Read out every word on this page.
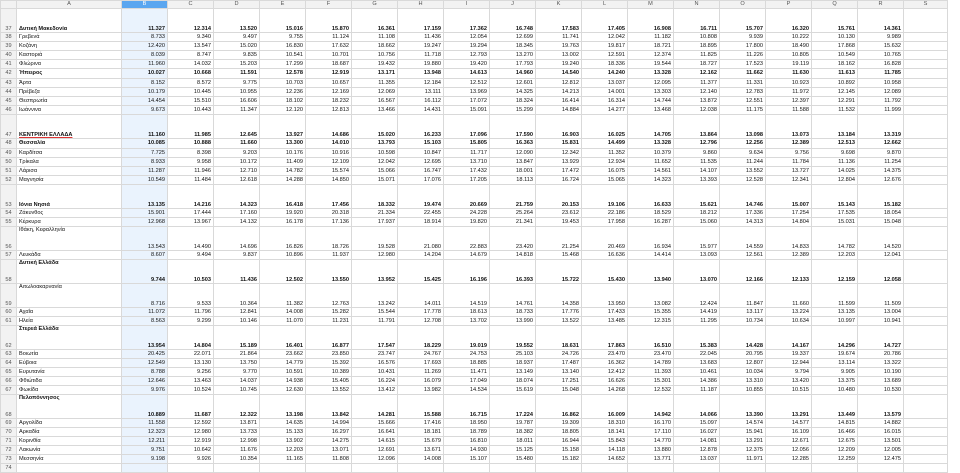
	A	B	C	D	E	F	G	H	I	J	K	L	M	N	O	P	Q	R	S
37	Δυτική Μακεδονία	11.327	12.314	13.520	15.016	15.870	16.361	17.159	17.362	16.748	17.583	17.405	16.908	16.711	15.707	16.320	15.761	14.361	
38	Γρεβενά	8.733	9.340	9.497	9.755	11.124	11.108	11.436	12.054	12.699	11.741	12.042	11.182	10.808	9.939	10.222	10.130	9.989	
39	Κοζάνη	12.420	13.547	15.020	16.830	17.632	18.662	19.247	19.294	18.345	19.763	19.817	18.721	18.895	17.800	18.490	17.868	15.632	
40	Καστοριά	8.039	8.747	9.835	10.541	10.701	10.756	11.718	12.793	13.270	13.002	12.591	12.374	11.825	11.226	10.805	10.549	10.765	
41	Φλώρινα	11.960	14.032	15.203	17.299	18.687	19.432	19.880	19.420	17.793	19.240	18.336	19.544	18.727	17.523	19.119	18.162	16.828	
42	Ήπειρος	10.027	10.668	11.591	12.578	12.919	13.171	13.948	14.613	14.960	14.540	14.240	13.328	12.162	11.662	11.630	11.613	11.785	
43	Άρτα	8.152	8.572	9.775	10.703	10.657	11.355	12.184	12.512	12.601	12.812	13.037	12.095	11.377	11.331	10.923	10.892	10.958	
44	Πρέβεζα	10.179	10.445	10.955	12.236	12.169	12.069	13.111	13.969	14.325	14.213	14.001	13.303	12.140	12.783	11.972	12.145	12.089	
45	Θεσπρωτία	14.454	15.510	16.606	18.102	18.232	16.567	16.112	17.072	18.324	16.414	16.314	14.744	13.872	12.551	12.397	12.291	11.792	
46	Ιωάννινα	9.673	10.443	11.347	12.120	12.813	13.466	14.431	15.091	15.299	14.884	14.277	13.468	12.038	11.175	11.588	11.532	11.999	
47	ΚΕΝΤΡΙΚΗ ΕΛΛΑΔΑ	11.160	11.985	12.645	13.927	14.686	15.020	16.233	17.096	17.590	16.903	16.025	14.705	13.864	13.098	13.073	13.184	13.319	
48	Θεσσαλία	10.085	10.888	11.660	13.300	14.010	13.793	15.103	15.805	16.363	15.831	14.499	13.328	12.796	12.256	12.389	12.513	12.662	
49	Καρδίτσα	7.725	8.398	9.203	10.176	10.916	10.598	10.847	11.717	12.090	12.342	11.352	10.379	9.860	9.634	9.756	9.698	9.870	
50	Τρίκαλα	8.933	9.958	10.172	11.409	12.109	12.042	12.695	13.710	13.847	13.929	12.934	11.652	11.535	11.244	11.784	11.136	11.254	
51	Λάρισα	11.287	11.946	12.710	14.782	15.574	15.066	16.747	17.432	18.001	17.472	16.075	14.561	14.107	13.552	13.727	14.025	14.375	
52	Μαγνησία	10.549	11.484	12.618	14.288	14.850	15.071	17.076	17.205	18.113	16.724	15.065	14.323	13.393	12.528	12.341	12.804	12.676	
53	Ιόνια Νησιά	13.135	14.216	14.323	16.418	17.456	18.332	19.474	20.669	21.759	20.153	19.106	16.633	15.621	14.746	15.007	15.143	15.182	
54	Ζάκυνθος	15.901	17.444	17.160	19.920	20.318	21.334	22.455	24.228	25.264	23.612	22.186	18.529	18.212	17.336	17.254	17.535	18.054	
55	Κέρκυρα	12.968	13.967	14.132	16.178	17.136	17.937	18.914	19.820	21.341	19.453	17.958	16.287	15.060	14.313	14.804	15.031	15.048	
56	Ιθάκη, Κεφαλληνία	13.543	14.490	14.696	16.826	18.726	19.528	21.080	22.883	23.420	21.254	20.469	16.934	15.977	14.559	14.833	14.782	14.520	
57	Λευκάδα	8.607	9.494	9.837	10.896	11.937	12.980	14.204	14.679	14.818	15.468	16.636	14.414	13.093	12.561	12.389	12.203	12.041	
58	Δυτική Ελλάδα	9.744	10.503	11.436	12.502	13.550	13.952	15.425	16.196	16.393	15.722	15.430	13.940	13.070	12.166	12.133	12.159	12.058	
59	Αιτωλοακαρνανία	8.716	9.533	10.364	11.382	12.763	13.242	14.011	14.519	14.761	14.358	13.950	13.082	12.424	11.847	11.660	11.599	11.509	
60	Αχαΐα	11.072	11.796	12.841	14.008	15.282	15.544	17.778	18.613	18.733	17.776	17.433	15.355	14.419	13.117	13.224	13.135	13.004	
61	Ηλεία	8.563	9.299	10.146	11.070	11.231	11.791	12.708	13.702	13.990	13.522	13.485	12.315	11.295	10.734	10.634	10.997	10.941	
62	Στερεά Ελλάδα	13.954	14.804	15.189	16.401	16.877	17.547	18.229	19.019	19.552	18.631	17.863	16.510	15.383	14.428	14.167	14.296	14.727	
63	Βοιωτία	20.425	22.071	21.864	23.662	23.850	23.747	24.767	24.753	25.103	24.726	23.470	23.470	22.045	20.795	19.337	19.674	20.786	
64	Εύβοια	12.549	13.130	13.750	14.779	15.392	16.576	17.693	18.885	18.937	17.487	16.362	14.789	13.683	12.807	12.944	13.114	13.322	
65	Ευρυτανία	8.788	9.256	9.770	10.591	10.389	10.431	11.269	11.471	13.149	13.140	12.412	11.393	10.461	10.034	9.794	9.905	10.190	
66	Φθιώτιδα	12.646	13.463	14.037	14.938	15.405	16.224	16.079	17.049	18.074	17.251	16.626	15.301	14.386	13.310	13.420	13.375	13.689	
67	Φωκίδα	9.976	10.524	10.745	12.630	13.552	13.412	13.982	14.534	15.619	15.048	14.268	12.532	11.187	10.855	10.515	10.480	10.530	
68	Πελοπόννησος	10.889	11.687	12.322	13.198	13.842	14.281	15.588	16.715	17.224	16.862	16.009	14.942	14.066	13.390	13.291	13.449	13.579	
69	Αργολίδα	11.558	12.592	13.871	14.635	14.994	15.666	17.416	18.950	19.787	19.309	18.310	16.170	15.097	14.574	14.577	14.815	14.882	
70	Αρκαδία	12.323	12.980	13.733	15.133	16.297	16.641	18.181	18.789	18.382	18.805	18.141	17.110	16.027	15.941	16.109	16.466	16.015	
71	Κορινθία	12.211	12.919	12.998	13.902	14.275	14.615	15.679	16.810	18.011	16.944	15.843	14.770	14.081	13.291	12.671	12.675	13.501	
72	Λακωνία	9.751	10.642	11.676	12.203	13.071	12.691	13.671	14.930	15.125	15.158	14.118	13.880	12.878	12.375	12.056	12.209	12.005	
73	Μεσσηνία	9.198	9.926	10.354	11.165	11.808	12.096	14.008	15.107	15.480	15.182	14.652	13.771	13.037	11.971	12.285	12.259	12.475	
74																			
